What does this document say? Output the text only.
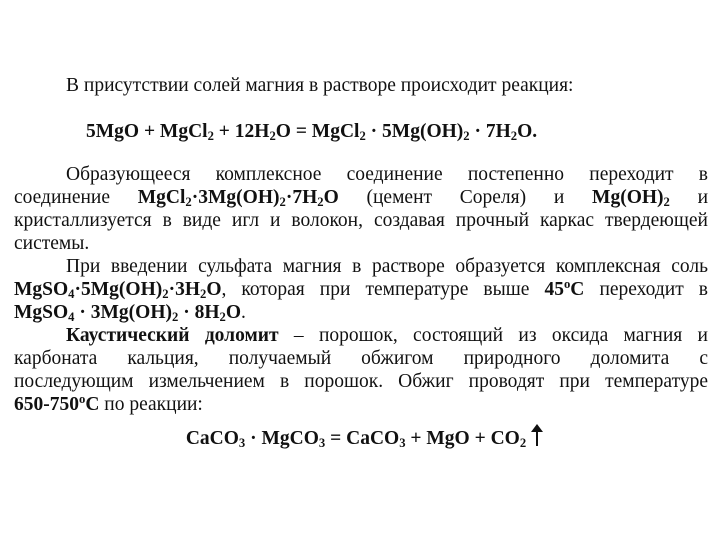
В присутствии солей магния в растворе происходит реакция:
5MgO + MgCl$_2$ + $12H_2O$ = MgCl$_2$ · $5Mg(OH)_2 \cdot 7H_2O$.
Образующееся комплексное соединение постепенно переходит в
соединение $MgCl_2\cdot 3Mg(OH)_2\cdot 7H_2O$ (цемент Сореля) и $Mg(OH)_2$ и
кристаллизуется в виде игл и волокон, создавая прочный каркас твердеющей
системы.
При введении сульфата магния в растворе образуется комплексная соль
$MgSO_4\cdot 5Mg(OH)_2\cdot 3H_2O$, которая при температуре выше 45$^o$С переходит в
MgSO$_4$ · $3Mg(OH)_2 \cdot 8H_2O$.
Каустический доломит – порошок, состоящий из оксида магния и
карбоната кальция, получаемый обжигом природного доломита с
последующим измельчением в порошок. Обжиг проводят при температуре
650-750$^o$С по реакции:
CaCO$_3$ · MgCO$_3$ = CaCO$_3$ + MgO + $CO_2$
